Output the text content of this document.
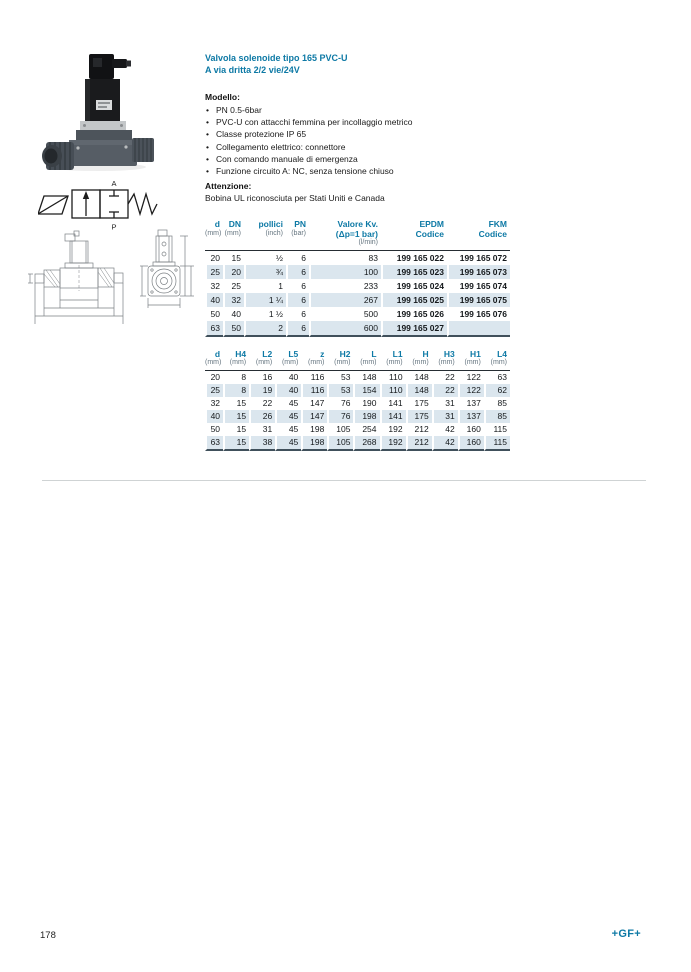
A
P
Valvola solenoide tipo 165 PVC-U
A via dritta 2/2 vie/24V
Modello:
• PN 0.5-6bar
• PVC-U con attacchi femmina per incollaggio metrico
• Classe protezione IP 65
• Collegamento elettrico: connettore
• Con comando manuale di emergenza
• Funzione circuito A: NC, senza tensione chiuso
Attenzione:
Bobina UL riconosciuta per Stati Uniti e Canada
d	DN	pollici	PN	Valore Kv.	EPDM	FKM
(mm)	(mm)	(inch)	(bar)	(Δp=1 bar)	Codice	Codice
				(l/min)		
20	15	½	6	83	199 165 022	199 165 072
25	20	¾	6	100	199 165 023	199 165 073
32	25	1	6	233	199 165 024	199 165 074
40	32	1 ¼	6	267	199 165 025	199 165 075
50	40	1 ½	6	500	199 165 026	199 165 076
63	50	2	6	600	199 165 027	
d	H4	L2	L5	z	H2	L	L1	H	H3	H1	L4
(mm)	(mm)	(mm)	(mm)	(mm)	(mm)	(mm)	(mm)	(mm)	(mm)	(mm)	(mm)
20	8	16	40	116	53	148	110	148	22	122	63
25	8	19	40	116	53	154	110	148	22	122	62
32	15	22	45	147	76	190	141	175	31	137	85
40	15	26	45	147	76	198	141	175	31	137	85
50	15	31	45	198	105	254	192	212	42	160	115
63	15	38	45	198	105	268	192	212	42	160	115
178	+GF+
